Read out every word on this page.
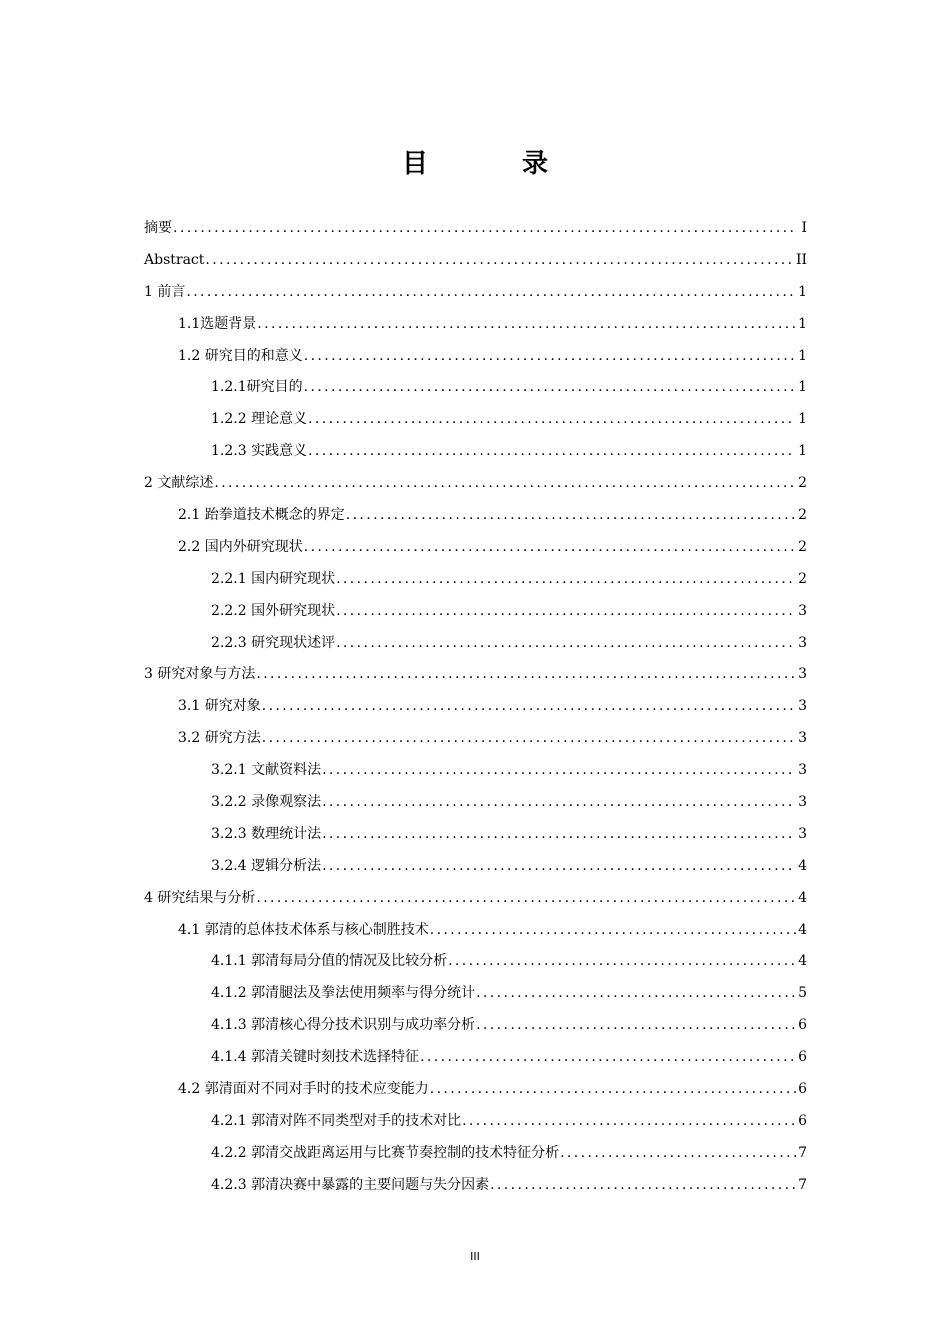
目　录
摘要 .....	I
Abstract .....	II
1 前言 .....	1
1.1选题背景 .....	1
1.2 研究目的和意义 .....	1
1.2.1研究目的 .....	1
1.2.2 理论意义 .....	1
1.2.3 实践意义 .....	1
2 文献综述 .....	2
2.1 跆拳道技术概念的界定 .....	2
2.2 国内外研究现状 .....	2
2.2.1 国内研究现状 .....	2
2.2.2 国外研究现状 .....	3
2.2.3 研究现状述评 .....	3
3 研究对象与方法 .....	3
3.1 研究对象 .....	3
3.2 研究方法 .....	3
3.2.1 文献资料法 .....	3
3.2.2 录像观察法 .....	3
3.2.3 数理统计法 .....	3
3.2.4 逻辑分析法 .....	4
4 研究结果与分析 .....	4
4.1 郭清的总体技术体系与核心制胜技术 .....	4
4.1.1 郭清每局分值的情况及比较分析 .....	4
4.1.2 郭清腿法及拳法使用频率与得分统计 .....	5
4.1.3 郭清核心得分技术识别与成功率分析 .....	6
4.1.4 郭清关键时刻技术选择特征 .....	6
4.2 郭清面对不同对手时的技术应变能力 .....	6
4.2.1 郭清对阵不同类型对手的技术对比 .....	6
4.2.2 郭清交战距离运用与比赛节奏控制的技术特征分析 .....	7
4.2.3 郭清决赛中暴露的主要问题与失分因素 .....	7
III
